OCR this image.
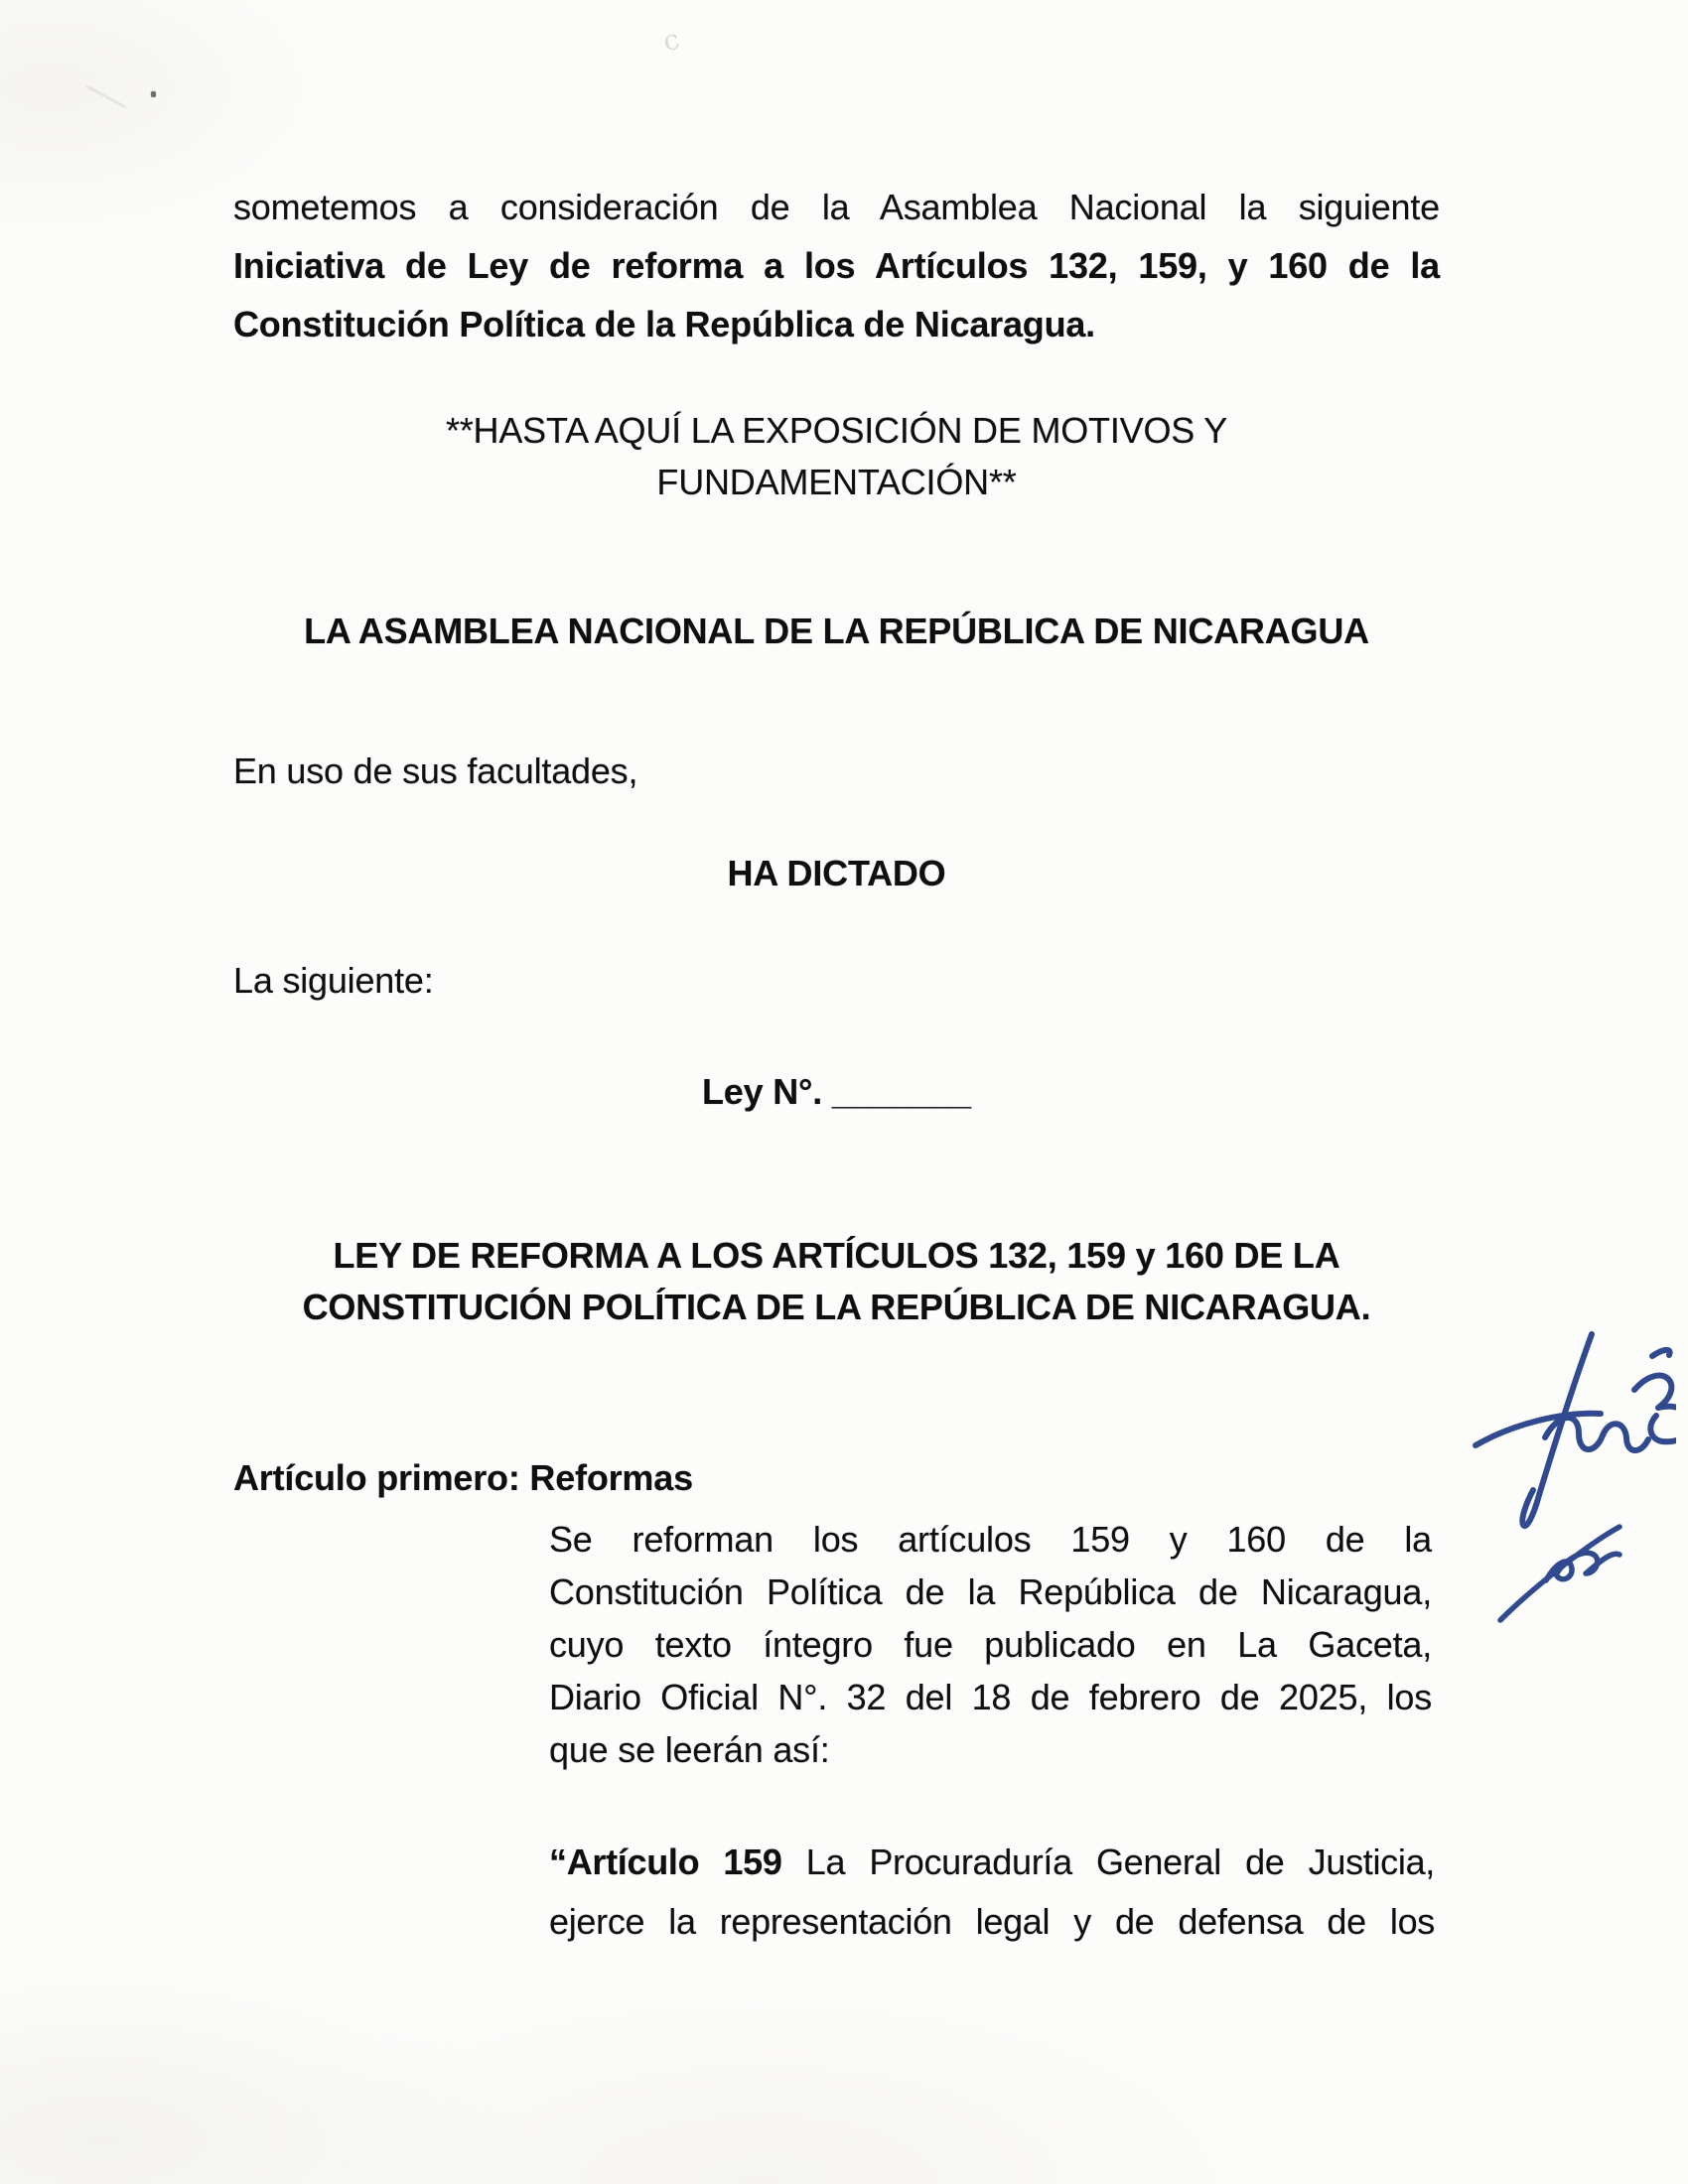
c
sometemos a consideración de la Asamblea Nacional la siguiente
Iniciativa de Ley de reforma a los Artículos 132, 159, y 160 de la
Constitución Política de la República de Nicaragua.
**HASTA AQUÍ LA EXPOSICIÓN DE MOTIVOS Y
FUNDAMENTACIÓN**
LA ASAMBLEA NACIONAL DE LA REPÚBLICA DE NICARAGUA
En uso de sus facultades,
HA DICTADO
La siguiente:
Ley N°. _______
LEY DE REFORMA A LOS ARTÍCULOS 132, 159 y 160 DE LA
CONSTITUCIÓN POLÍTICA DE LA REPÚBLICA DE NICARAGUA.
Artículo primero: Reformas
Se reforman los artículos 159 y 160 de la
Constitución Política de la República de Nicaragua,
cuyo texto íntegro fue publicado en La Gaceta,
Diario Oficial N°. 32 del 18 de febrero de 2025, los
que se leerán así:
“Artículo 159 La Procuraduría General de Justicia,
ejerce la representación legal y de defensa de los
